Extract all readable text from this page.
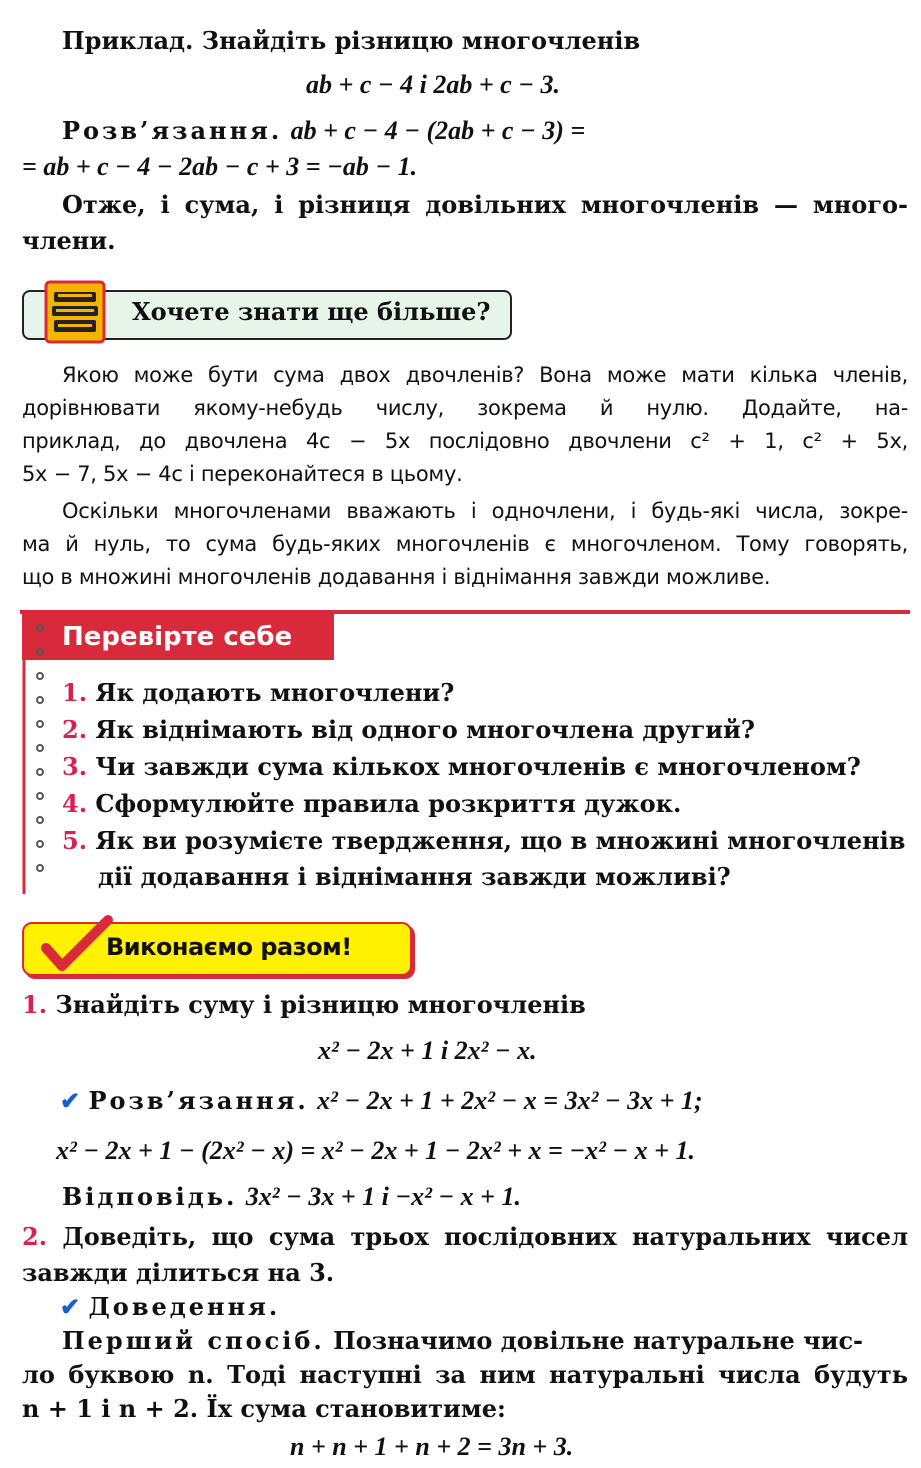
Приклад. Знайдіть різницю многочленів
ab + c − 4 і 2ab + c − 3.
Розв’язання. ab + c − 4 − (2ab + c − 3) =
= ab + c − 4 − 2ab − c + 3 = −ab − 1.
Отже, і сума, і різниця довільних многочленів — много-
члени.
Хочете знати ще більше?
Якою може бути сума двох двочленів? Вона може мати кілька членів,
дорівнювати якому-небудь числу, зокрема й нулю. Додайте, на-
приклад, до двочлена 4c − 5x послідовно двочлени c² + 1, c² + 5x,
5x − 7, 5x − 4c і переконайтеся в цьому.
Оскільки многочленами вважають і одночлени, і будь-які числа, зокре-
ма й нуль, то сума будь-яких многочленів є многочленом. Тому говорять,
що в множині многочленів додавання і віднімання завжди можливе.
Перевірте себе
1. Як додають многочлени?
2. Як віднімають від одного многочлена другий?
3. Чи завжди сума кількох многочленів є многочленом?
4. Сформулюйте правила розкриття дужок.
5. Як ви розумієте твердження, що в множині многочленів
дії додавання і віднімання завжди можливі?
Виконаємо разом!
1. Знайдіть суму і різницю многочленів
x² − 2x + 1 і 2x² − x.
✔ Розв’язання. x² − 2x + 1 + 2x² − x = 3x² − 3x + 1;
x² − 2x + 1 − (2x² − x) = x² − 2x + 1 − 2x² + x = −x² − x + 1.
Відповідь. 3x² − 3x + 1 і −x² − x + 1.
2. Доведіть, що сума трьох послідовних натуральних чисел
завжди ділиться на 3.
✔ Доведення.
Перший спосіб. Позначимо довільне натуральне чис-
ло буквою n. Тоді наступні за ним натуральні числа будуть
n + 1 і n + 2. Їх сума становитиме:
n + n + 1 + n + 2 = 3n + 3.
